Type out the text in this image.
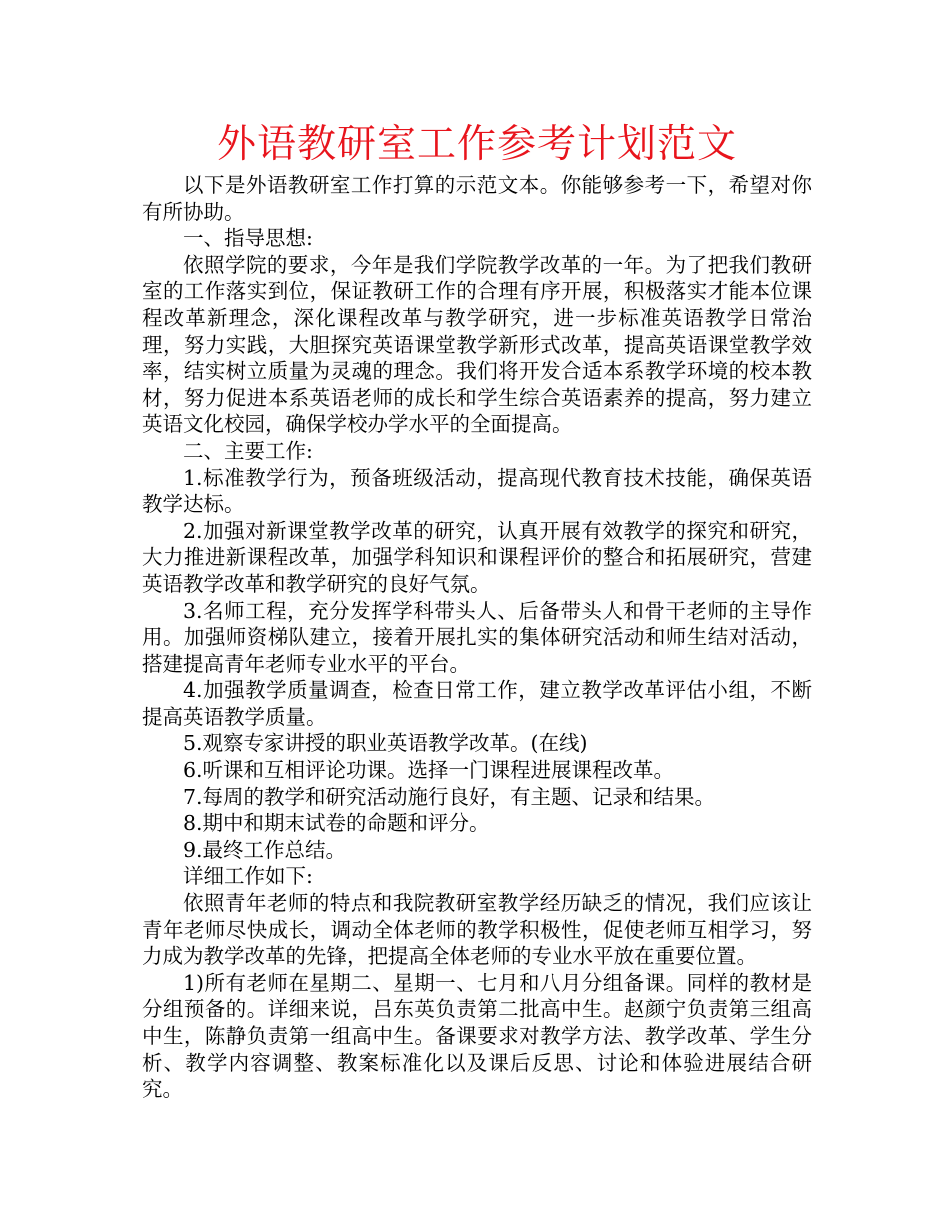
外语教研室工作参考计划范文

以下是外语教研室工作打算的示范文本。你能够参考一下，希望对你有所协助。

一、指导思想:

依照学院的要求，今年是我们学院教学改革的一年。为了把我们教研室的工作落实到位，保证教研工作的合理有序开展，积极落实才能本位课程改革新理念，深化课程改革与教学研究，进一步标准英语教学日常治理，努力实践，大胆探究英语课堂教学新形式改革，提高英语课堂教学效率，结实树立质量为灵魂的理念。我们将开发合适本系教学环境的校本教材，努力促进本系英语老师的成长和学生综合英语素养的提高，努力建立英语文化校园，确保学校办学水平的全面提高。

二、主要工作:

1.标准教学行为，预备班级活动，提高现代教育技术技能，确保英语教学达标。

2.加强对新课堂教学改革的研究，认真开展有效教学的探究和研究，大力推进新课程改革，加强学科知识和课程评价的整合和拓展研究，营建英语教学改革和教学研究的良好气氛。

3.名师工程，充分发挥学科带头人、后备带头人和骨干老师的主导作用。加强师资梯队建立，接着开展扎实的集体研究活动和师生结对活动，搭建提高青年老师专业水平的平台。

4.加强教学质量调查，检查日常工作，建立教学改革评估小组，不断提高英语教学质量。

5.观察专家讲授的职业英语教学改革。(在线)

6.听课和互相评论功课。选择一门课程进展课程改革。

7.每周的教学和研究活动施行良好，有主题、记录和结果。

8.期中和期末试卷的命题和评分。

9.最终工作总结。

详细工作如下:

依照青年老师的特点和我院教研室教学经历缺乏的情况，我们应该让青年老师尽快成长，调动全体老师的教学积极性，促使老师互相学习，努力成为教学改革的先锋，把提高全体老师的专业水平放在重要位置。

1)所有老师在星期二、星期一、七月和八月分组备课。同样的教材是分组预备的。详细来说，吕东英负责第二批高中生。赵颜宁负责第三组高中生，陈静负责第一组高中生。备课要求对教学方法、教学改革、学生分析、教学内容调整、教案标准化以及课后反思、讨论和体验进展结合研究。
